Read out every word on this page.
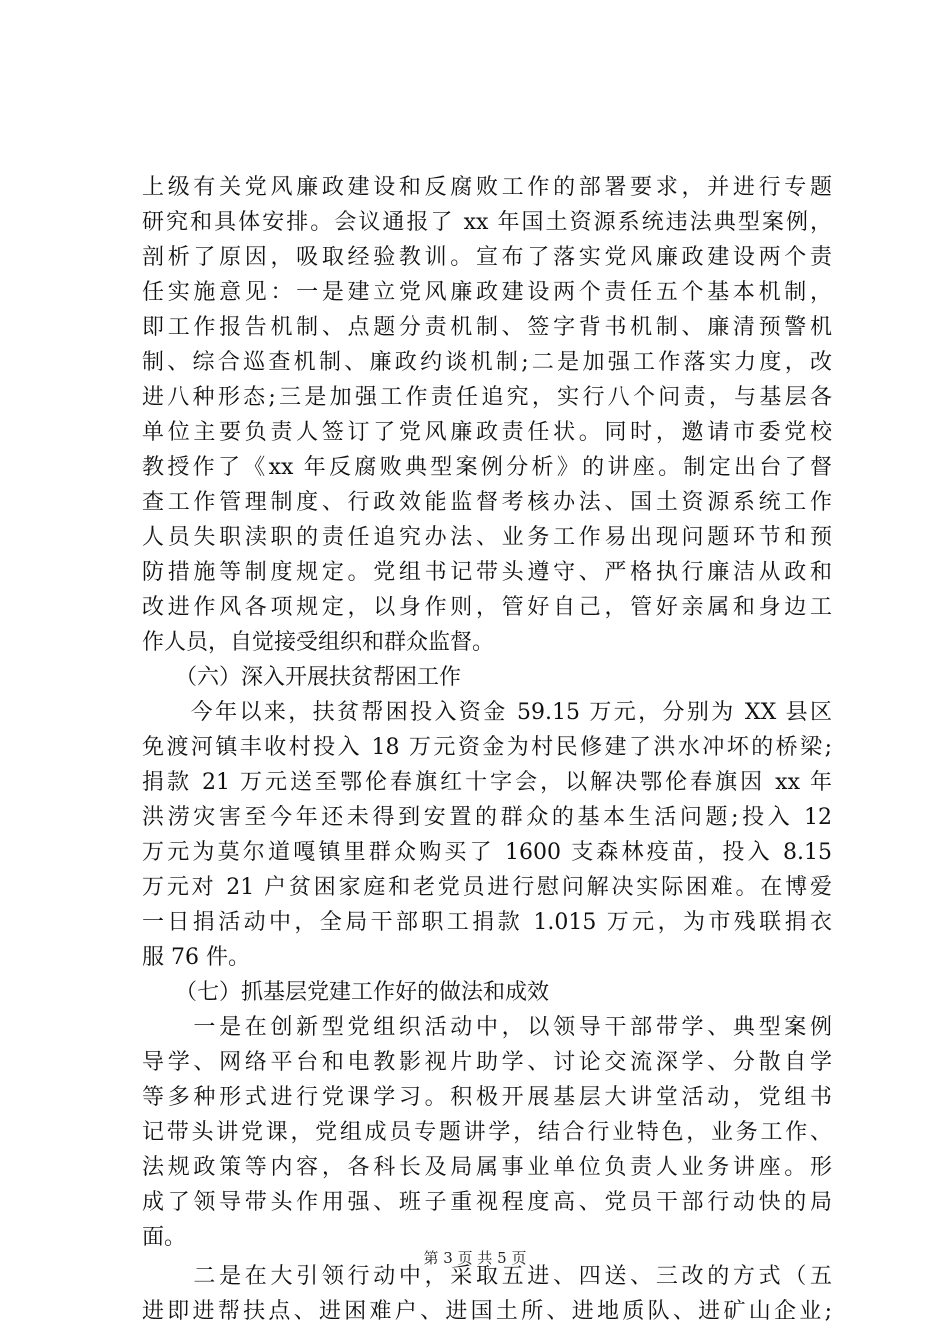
上级有关党风廉政建设和反腐败工作的部署要求，并进行专题
研究和具体安排。会议通报了 xx 年国土资源系统违法典型案例，
剖析了原因，吸取经验教训。宣布了落实党风廉政建设两个责
任实施意见：一是建立党风廉政建设两个责任五个基本机制，
即工作报告机制、点题分责机制、签字背书机制、廉清预警机
制、综合巡查机制、廉政约谈机制;二是加强工作落实力度，改
进八种形态;三是加强工作责任追究，实行八个问责，与基层各
单位主要负责人签订了党风廉政责任状。同时，邀请市委党校
教授作了《xx 年反腐败典型案例分析》的讲座。制定出台了督
查工作管理制度、行政效能监督考核办法、国土资源系统工作
人员失职渎职的责任追究办法、业务工作易出现问题环节和预
防措施等制度规定。党组书记带头遵守、严格执行廉洁从政和
改进作风各项规定，以身作则，管好自己，管好亲属和身边工
作人员，自觉接受组织和群众监督。
　　（六）深入开展扶贫帮困工作
　　今年以来，扶贫帮困投入资金 59.15 万元，分别为 XX 县区
免渡河镇丰收村投入 18 万元资金为村民修建了洪水冲坏的桥梁;
捐款 21 万元送至鄂伦春旗红十字会，以解决鄂伦春旗因 xx 年
洪涝灾害至今年还未得到安置的群众的基本生活问题;投入 12
万元为莫尔道嘎镇里群众购买了 1600 支森林疫苗，投入 8.15
万元对 21 户贫困家庭和老党员进行慰问解决实际困难。在博爱
一日捐活动中，全局干部职工捐款 1.015 万元，为市残联捐衣
服 76 件。
　　（七）抓基层党建工作好的做法和成效
　　一是在创新型党组织活动中，以领导干部带学、典型案例
导学、网络平台和电教影视片助学、讨论交流深学、分散自学
等多种形式进行党课学习。积极开展基层大讲堂活动，党组书
记带头讲党课，党组成员专题讲学，结合行业特色，业务工作、
法规政策等内容，各科长及局属事业单位负责人业务讲座。形
成了领导带头作用强、班子重视程度高、党员干部行动快的局
面。
　　二是在大引领行动中，采取五进、四送、三改的方式（五
进即进帮扶点、进困难户、进国土所、进地质队、进矿山企业;
第 3 页 共 5 页
